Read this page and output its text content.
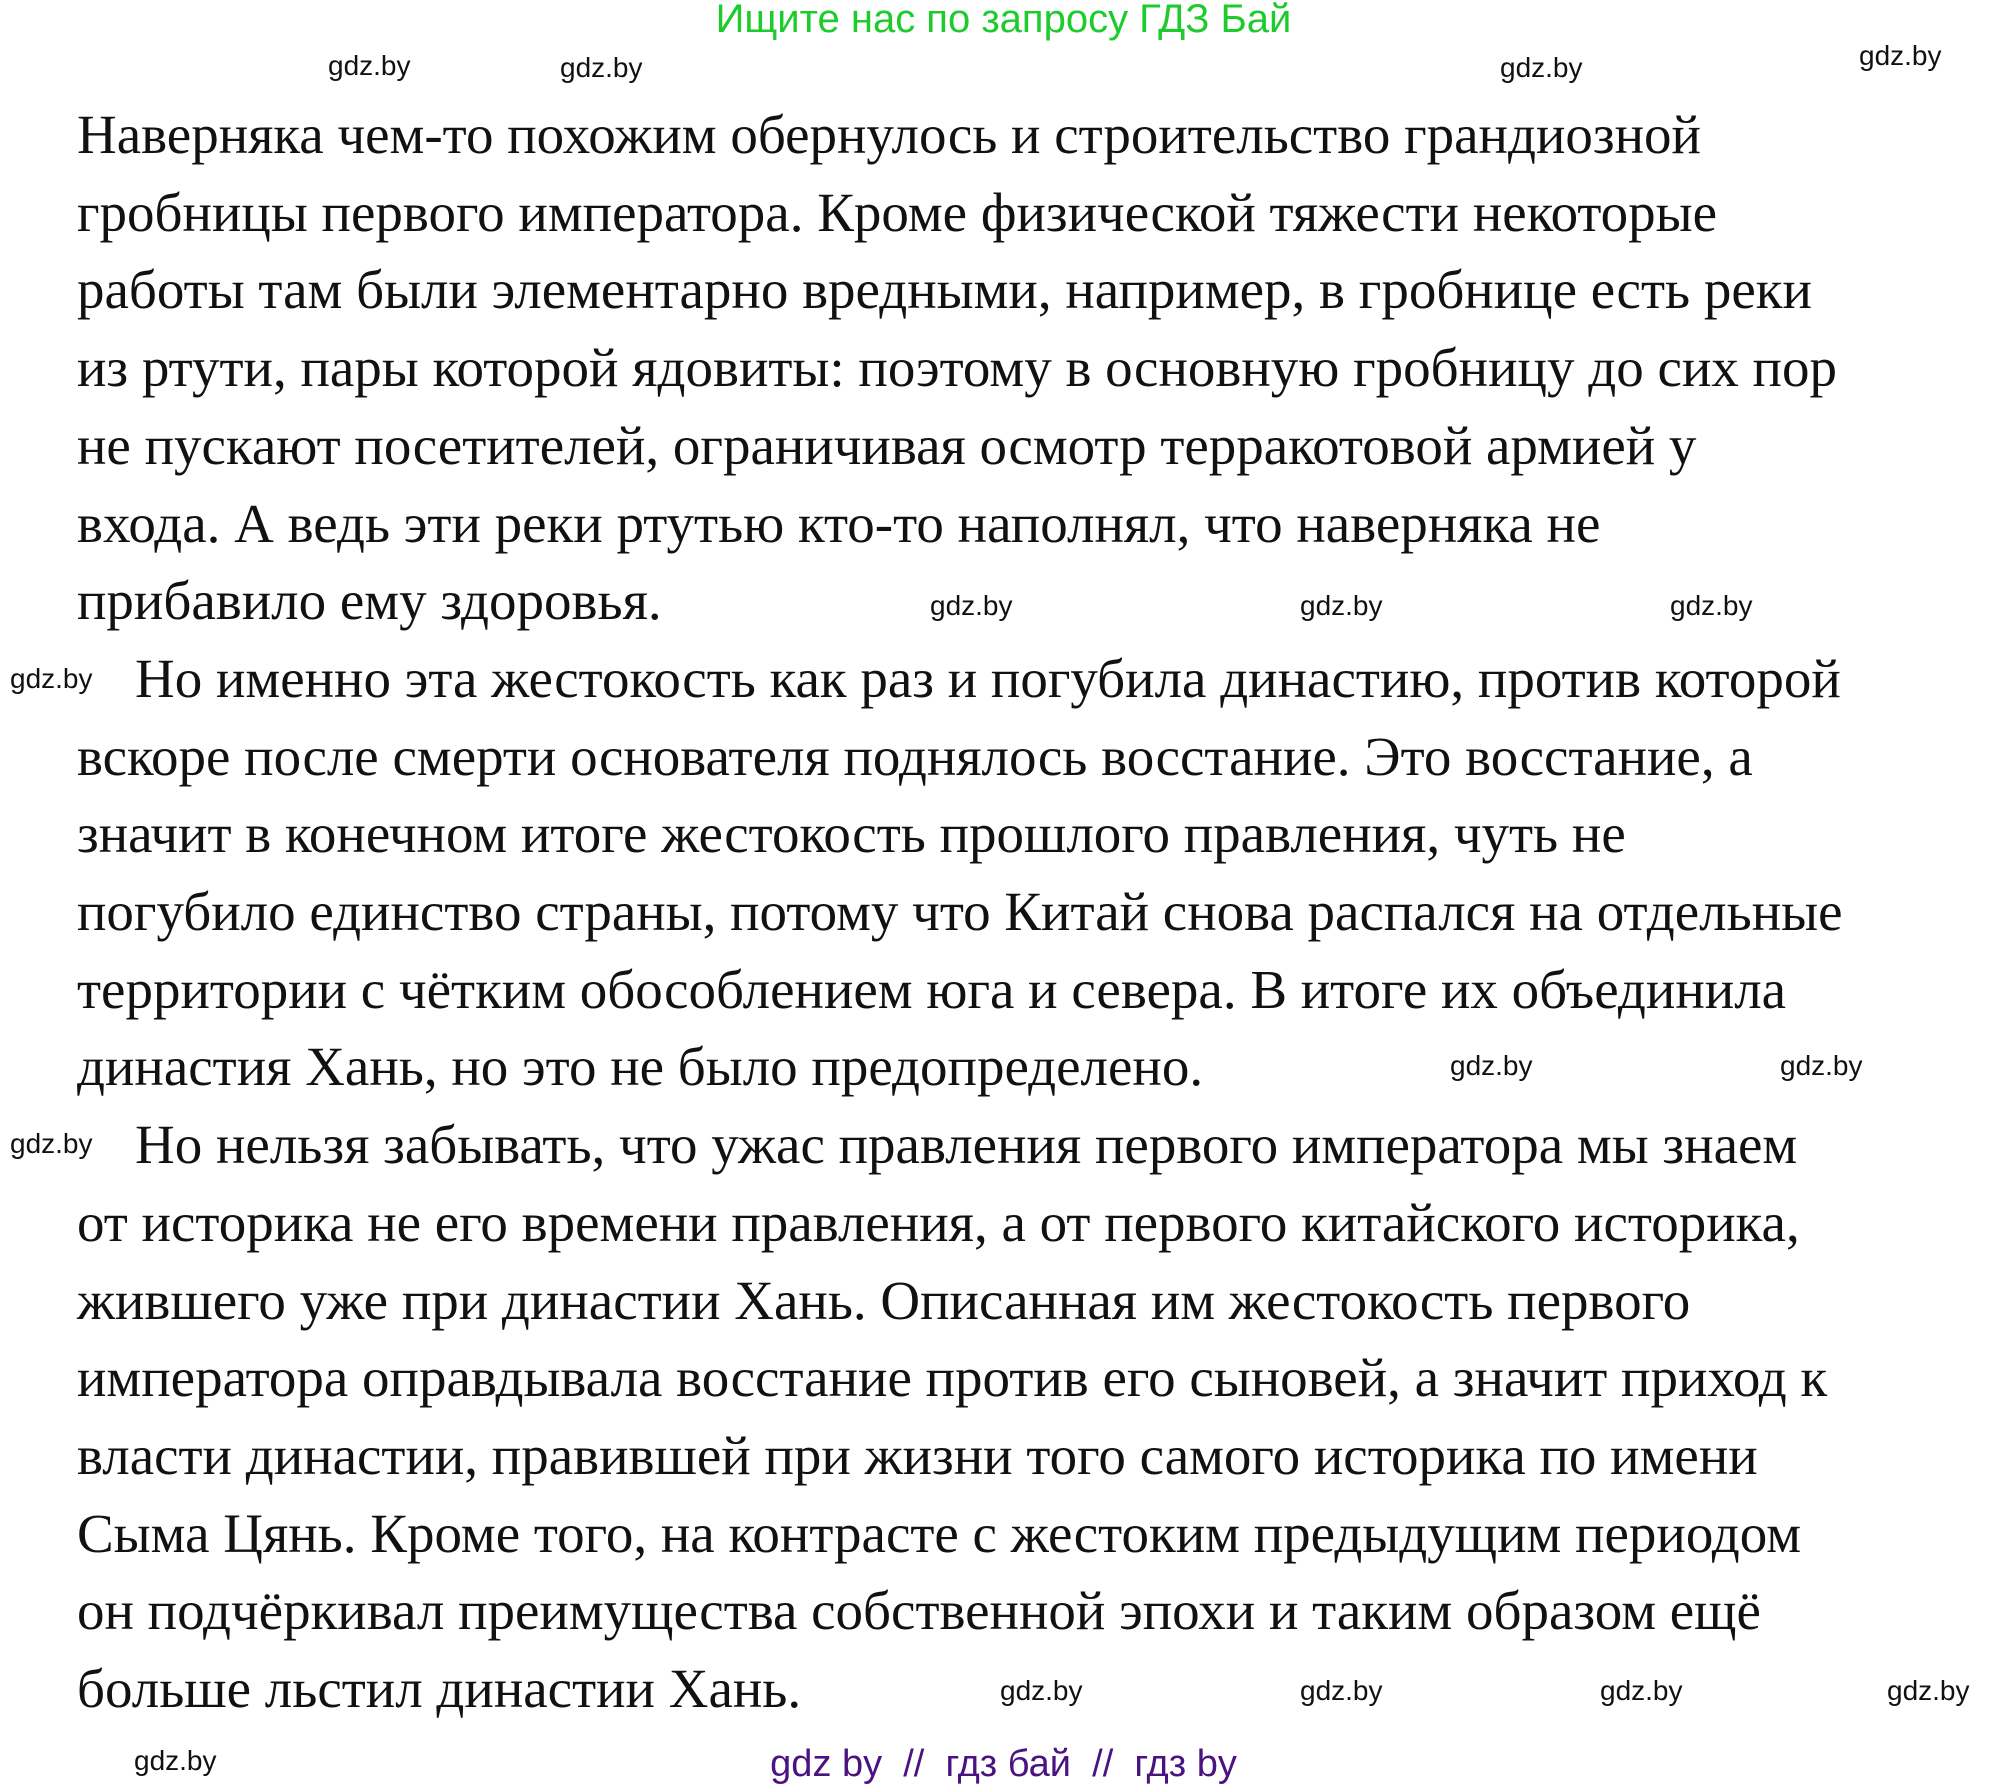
Ищите нас по запросу ГДЗ Бай
Наверняка чем-то похожим обернулось и строительство грандиозной
гробницы первого императора. Кроме физической тяжести некоторые
работы там были элементарно вредными, например, в гробнице есть реки
из ртути, пары которой ядовиты: поэтому в основную гробницу до сих пор
не пускают посетителей, ограничивая осмотр терракотовой армией у
входа. А ведь эти реки ртутью кто-то наполнял, что наверняка не
прибавило ему здоровья.
Но именно эта жестокость как раз и погубила династию, против которой
вскоре после смерти основателя поднялось восстание. Это восстание, а
значит в конечном итоге жестокость прошлого правления, чуть не
погубило единство страны, потому что Китай снова распался на отдельные
территории с чётким обособлением юга и севера. В итоге их объединила
династия Хань, но это не было предопределено.
Но нельзя забывать, что ужас правления первого императора мы знаем
от историка не его времени правления, а от первого китайского историка,
жившего уже при династии Хань. Описанная им жестокость первого
императора оправдывала восстание против его сыновей, а значит приход к
власти династии, правившей при жизни того самого историка по имени
Сыма Цянь. Кроме того, на контрасте с жестоким предыдущим периодом
он подчёркивал преимущества собственной эпохи и таким образом ещё
больше льстил династии Хань.
gdz.by	gdz.by
gdz.by
gdz.by
gdz.by
gdz.by
gdz.by
gdz.by
gdz.by	gdz.by
gdz.by
gdz.by	gdz.by
gdz.by
gdz.by
gdz.by
gdz by  //  гдз бай  //  гдз by
